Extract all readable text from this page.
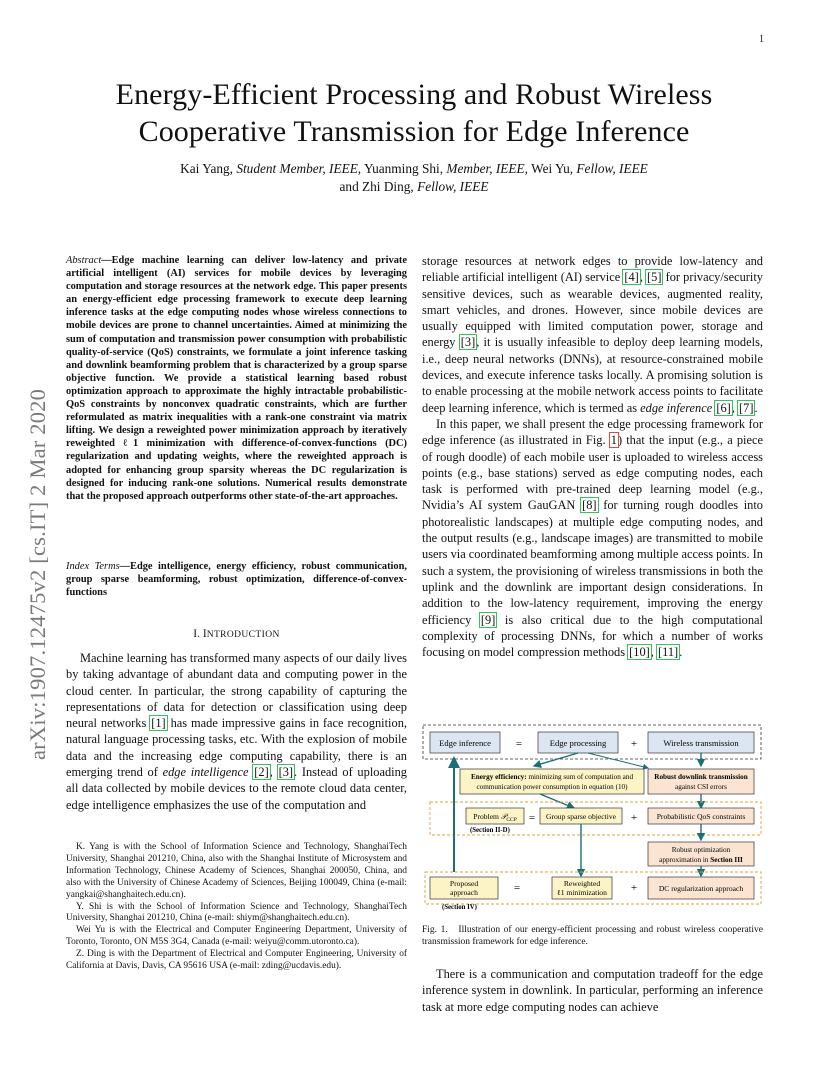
1
Energy-Efficient Processing and Robust Wireless
Cooperative Transmission for Edge Inference
Kai Yang, Student Member, IEEE, Yuanming Shi, Member, IEEE, Wei Yu, Fellow, IEEE
and Zhi Ding, Fellow, IEEE
arXiv:1907.12475v2 [cs.IT] 2 Mar 2020
Abstract—Edge machine learning can deliver low-latency and private artificial intelligent (AI) services for mobile devices by leveraging computation and storage resources at the network edge. This paper presents an energy-efficient edge processing framework to execute deep learning inference tasks at the edge computing nodes whose wireless connections to mobile devices are prone to channel uncertainties. Aimed at minimizing the sum of computation and transmission power consumption with probabilistic quality-of-service (QoS) constraints, we formulate a joint inference tasking and downlink beamforming problem that is characterized by a group sparse objective function. We provide a statistical learning based robust optimization approach to approximate the highly intractable probabilistic-QoS constraints by nonconvex quadratic constraints, which are further reformulated as matrix inequalities with a rank-one constraint via matrix lifting. We design a reweighted power minimization approach by iteratively reweighted ℓ1 minimization with difference-of-convex-functions (DC) regularization and updating weights, where the reweighted approach is adopted for enhancing group sparsity whereas the DC regularization is designed for inducing rank-one solutions. Numerical results demonstrate that the proposed approach outperforms other state-of-the-art approaches.
Index Terms—Edge intelligence, energy efficiency, robust communication, group sparse beamforming, robust optimization, difference-of-convex-functions
I. INTRODUCTION

Machine learning has transformed many aspects of our daily lives by taking advantage of abundant data and computing power in the cloud center. In particular, the strong capability of capturing the representations of data for detection or classification using deep neural networks [1] has made impressive gains in face recognition, natural language processing tasks, etc. With the explosion of mobile data and the increasing edge computing capability, there is an emerging trend of edge intelligence [2], [3]. Instead of uploading all data collected by mobile devices to the remote cloud data center, edge intelligence emphasizes the use of the computation and

K. Yang is with the School of Information Science and Technology, ShanghaiTech University, Shanghai 201210, China, also with the Shanghai Institute of Microsystem and Information Technology, Chinese Academy of Sciences, Shanghai 200050, China, and also with the University of Chinese Academy of Sciences, Beijing 100049, China (e-mail: yangkai@shanghaitech.edu.cn).

Y. Shi is with the School of Information Science and Technology, ShanghaiTech University, Shanghai 201210, China (e-mail: shiym@shanghaitech.edu.cn).

Wei Yu is with the Electrical and Computer Engineering Department, University of Toronto, Toronto, ON M5S 3G4, Canada (e-mail: weiyu@comm.utoronto.ca).

Z. Ding is with the Department of Electrical and Computer Engineering, University of California at Davis, Davis, CA 95616 USA (e-mail: zding@ucdavis.edu).

storage resources at network edges to provide low-latency and reliable artificial intelligent (AI) service [4], [5] for privacy/security sensitive devices, such as wearable devices, augmented reality, smart vehicles, and drones. However, since mobile devices are usually equipped with limited computation power, storage and energy [3], it is usually infeasible to deploy deep learning models, i.e., deep neural networks (DNNs), at resource-constrained mobile devices, and execute inference tasks locally. A promising solution is to enable processing at the mobile network access points to facilitate deep learning inference, which is termed as edge inference [6], [7].

In this paper, we shall present the edge processing framework for edge inference (as illustrated in Fig. 1) that the input (e.g., a piece of rough doodle) of each mobile user is uploaded to wireless access points (e.g., base stations) served as edge computing nodes, each task is performed with pre-trained deep learning model (e.g., Nvidia’s AI system GauGAN [8] for turning rough doodles into photorealistic landscapes) at multiple edge computing nodes, and the output results (e.g., landscape images) are transmitted to mobile users via coordinated beamforming among multiple access points. In such a system, the provisioning of wireless transmissions in both the uplink and the downlink are important design considerations. In addition to the low-latency requirement, improving the energy efficiency [9] is also critical due to the high computational complexity of processing DNNs, for which a number of works focusing on model compression methods [10], [11].

Edge inference =	Edge processing +	Wireless transmission
Energy efficiency: minimizing sum of computation and
communication power consumption in equation (10)
Robust downlink transmission
against CSI errors
Problem 𝒫$_{CCP}$
(Section II-D)
= Group sparse objective +	Probabilistic QoS constraints
Robust optimization
approximation in Section III
Proposed
approach
(Section IV)
=	Reweighted
ℓ1 minimization +	DC regularization approach
Fig. 1. Illustration of our energy-efficient processing and robust wireless cooperative transmission framework for edge inference.

There is a communication and computation tradeoff for the edge inference system in downlink. In particular, performing an inference task at more edge computing nodes can achieve
